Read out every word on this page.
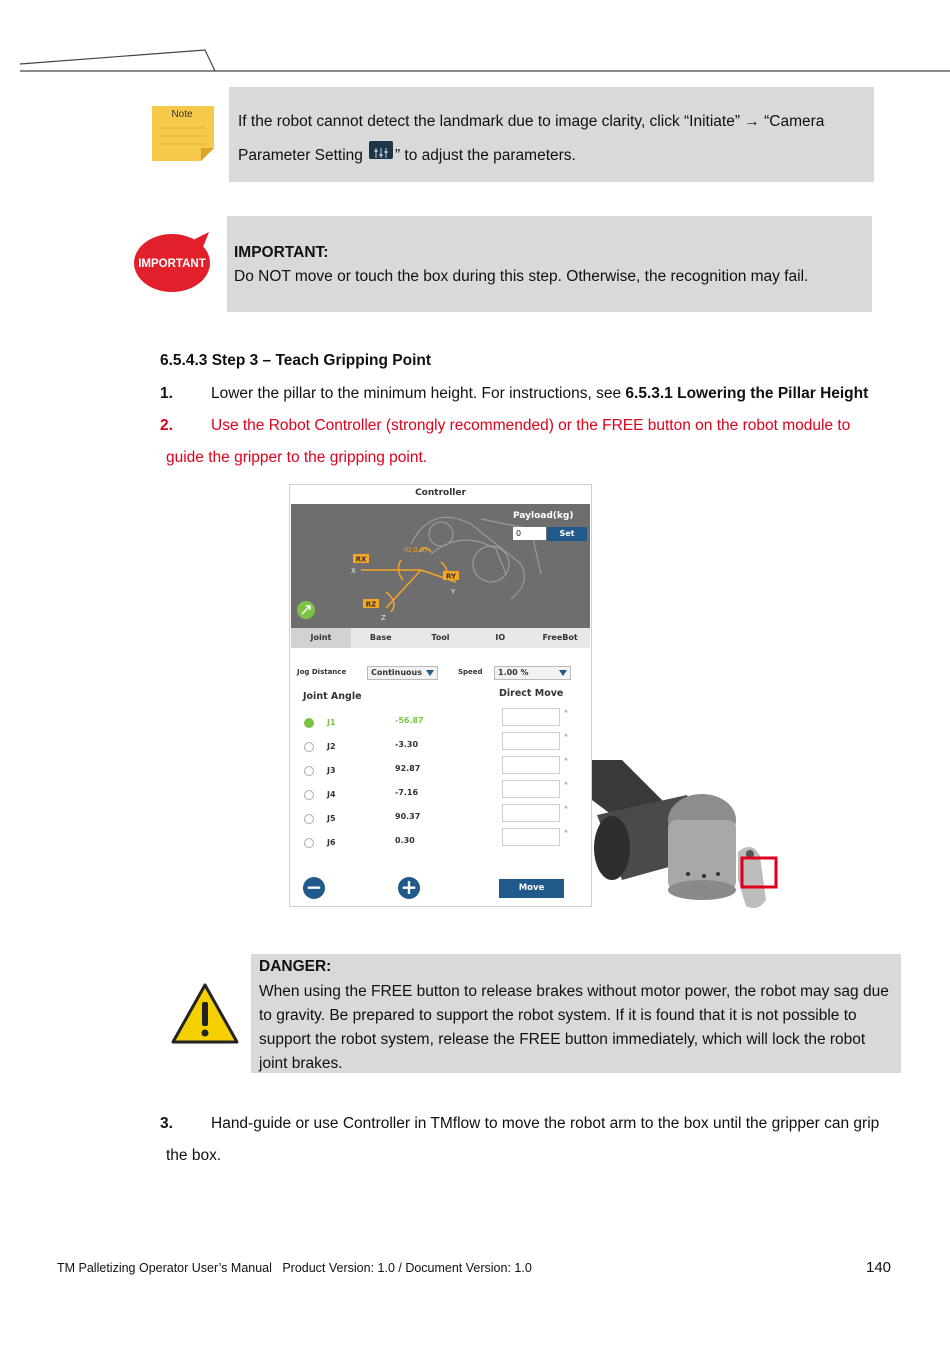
Note	If the robot cannot detect the landmark due to image clarity, click “Initiate” → “Camera Parameter Setting ” to adjust the parameters.
IMPORTANT
IMPORTANT:
Do NOT move or touch the box during this step. Otherwise, the recognition may fail.
6.5.4.3 Step 3 – Teach Gripping Point
1. Lower the pillar to the minimum height. For instructions, see 6.5.3.1 Lowering the Pillar Height
2. Use the Robot Controller (strongly recommended) or the FREE button on the robot module to
guide the gripper to the gripping point.
Controller
RX
RY
RZ
X
Y
Z
(0,0,0)
Payload(kg)
0	Set
Joint	Base	Tool	IO	FreeBot
Jog Distance	Continuous	Speed	1.00 %
Joint Angle	Direct Move
J1	-56.87
°
J2	-3.30
°
J3	92.87
°
J4	-7.16
°
J5	90.37
°
J6	0.30
°
−	+	Move
DANGER:
When using the FREE button to release brakes without motor power, the robot may sag due to gravity. Be prepared to support the robot system. If it is found that it is not possible to support the robot system, release the FREE button immediately, which will lock the robot joint brakes.
3. Hand-guide or use Controller in TMflow to move the robot arm to the box until the gripper can grip
the box.
TM Palletizing Operator User’s Manual Product Version: 1.0 / Document Version: 1.0	140
